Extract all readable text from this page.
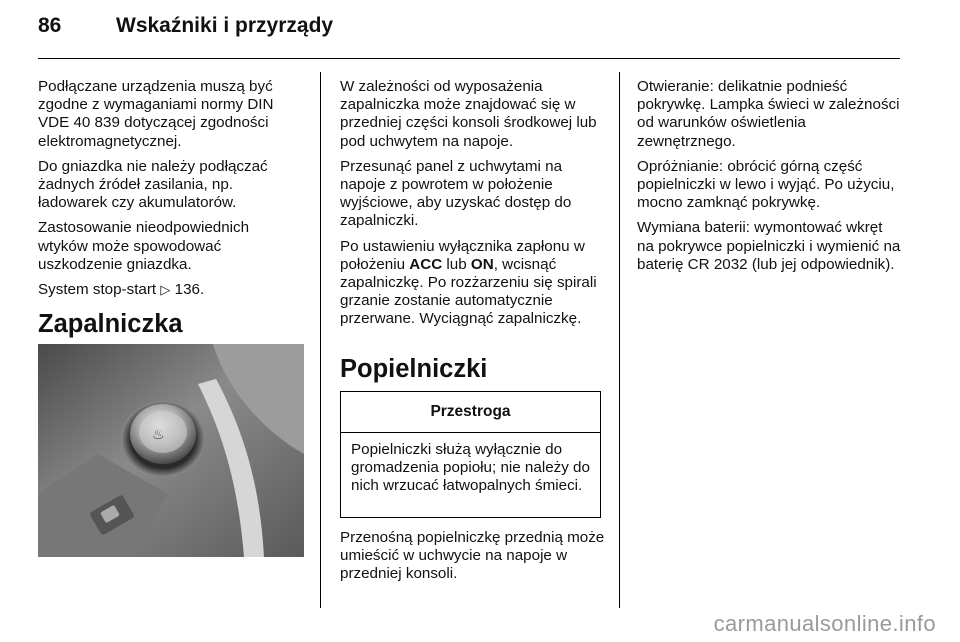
86	Wskaźniki i przyrządy

Podłączane urządzenia muszą być zgodne z wymaganiami normy DIN VDE 40 839 dotyczącej zgodności elektromagnetycznej.

Do gniazdka nie należy podłączać żadnych źródeł zasilania, np. ładowarek czy akumulatorów.

Zastosowanie nieodpowiednich wtyków może spowodować uszkodzenie gniazdka.

System stop-start ▷ 136.

Zapalniczka
♨

W zależności od wyposażenia zapalniczka może znajdować się w przedniej części konsoli środkowej lub pod uchwytem na napoje.

Przesunąć panel z uchwytami na napoje z powrotem w położenie wyjściowe, aby uzyskać dostęp do zapalniczki.

Po ustawieniu wyłącznika zapłonu w położeniu ACC lub ON, wcisnąć zapalniczkę. Po rozżarzeniu się spirali grzanie zostanie automatycznie przerwane. Wyciągnąć zapalniczkę.

Popielniczki
Przestroga
Popielniczki służą wyłącznie do gromadzenia popiołu; nie należy do nich wrzucać łatwopalnych śmieci.

Przenośną popielniczkę przednią może umieścić w uchwycie na napoje w przedniej konsoli.

Otwieranie: delikatnie podnieść pokrywkę. Lampka świeci w zależności od warunków oświetlenia zewnętrznego.

Opróżnianie: obrócić górną część popielniczki w lewo i wyjąć. Po użyciu, mocno zamknąć pokrywkę.

Wymiana baterii: wymontować wkręt na pokrywce popielniczki i wymienić na baterię CR 2032 (lub jej odpowiednik).

carmanualsonline.info
